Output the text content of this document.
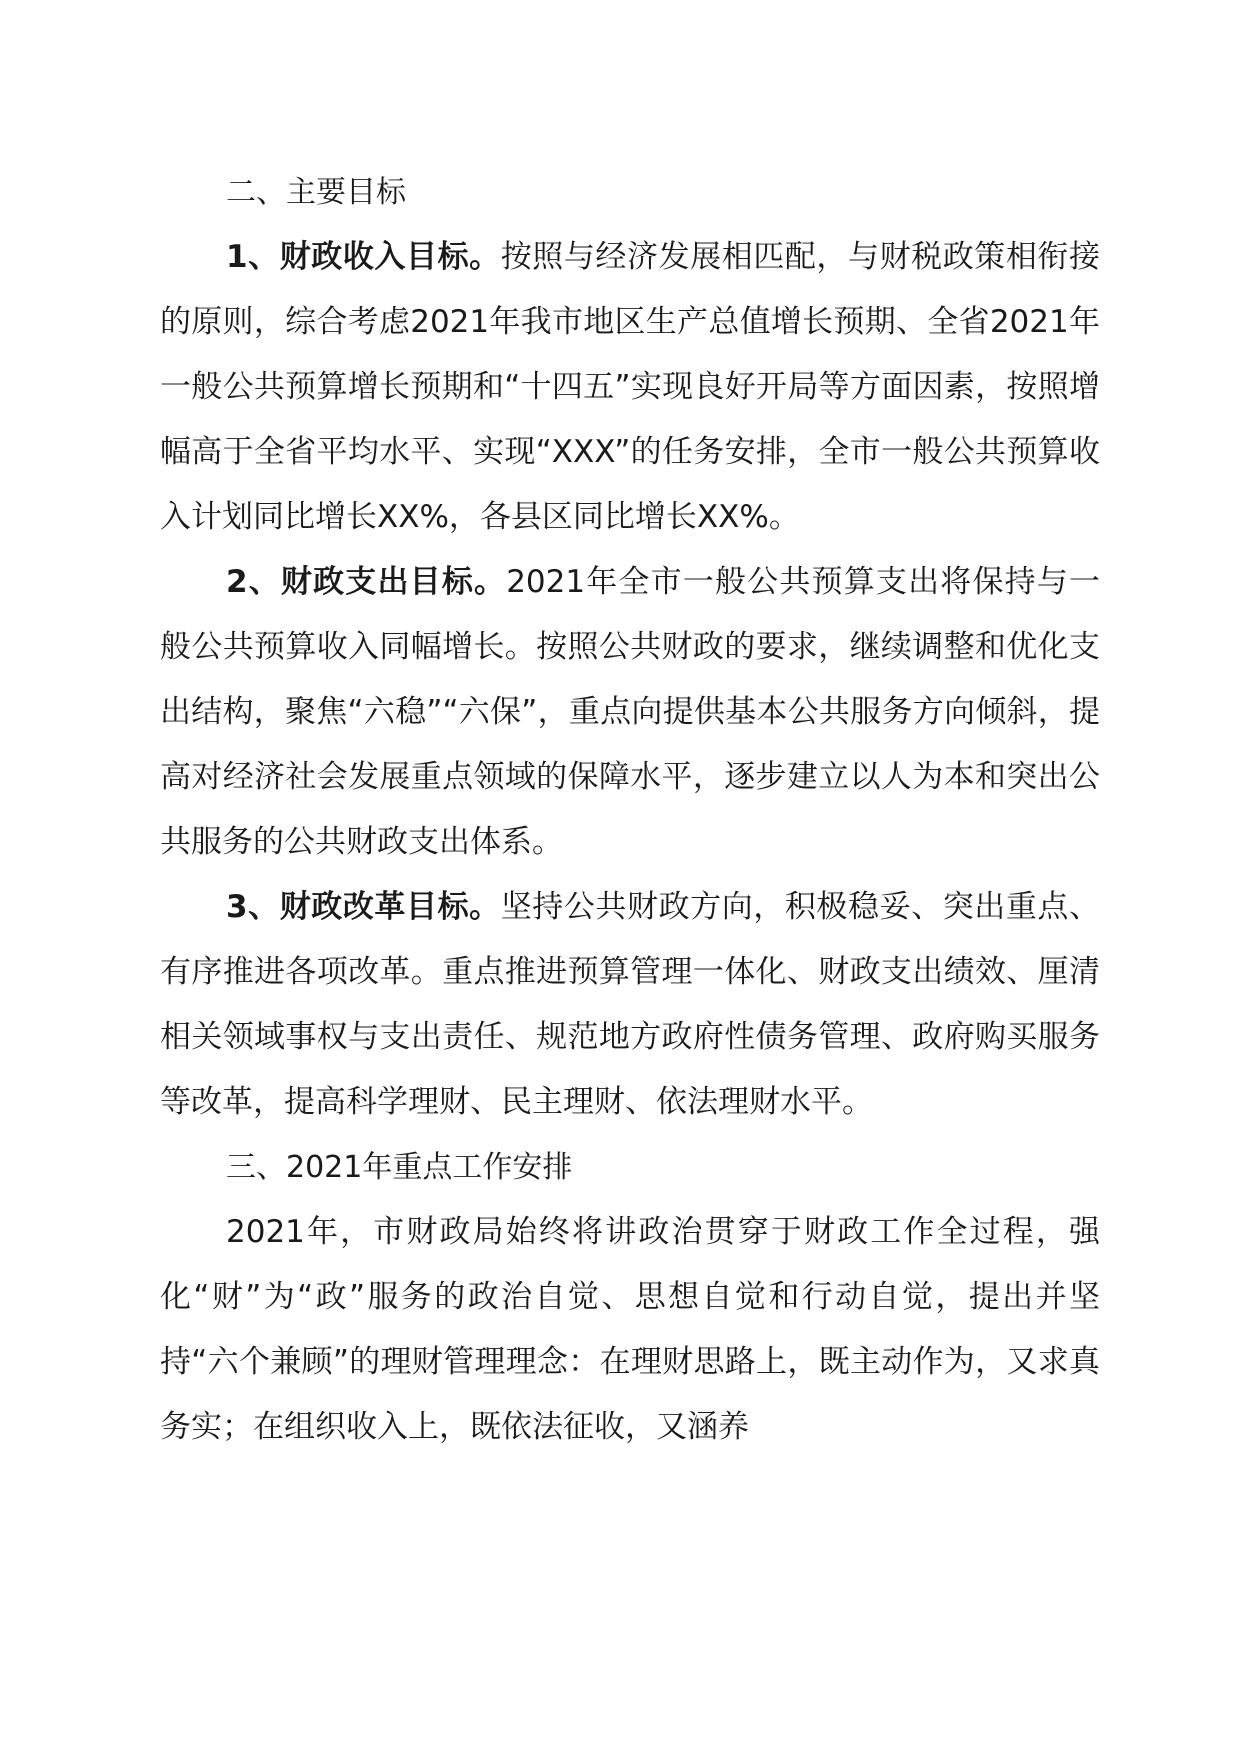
二、主要目标

1、财政收入目标。按照与经济发展相匹配，与财税政策相衔接的原则，综合考虑2021年我市地区生产总值增长预期、全省2021年一般公共预算增长预期和“十四五”实现良好开局等方面因素，按照增幅高于全省平均水平、实现“XXX”的任务安排，全市一般公共预算收入计划同比增长XX%，各县区同比增长XX%。

2、财政支出目标。2021年全市一般公共预算支出将保持与一般公共预算收入同幅增长。按照公共财政的要求，继续调整和优化支出结构，聚焦“六稳”“六保”，重点向提供基本公共服务方向倾斜，提高对经济社会发展重点领域的保障水平，逐步建立以人为本和突出公共服务的公共财政支出体系。

3、财政改革目标。坚持公共财政方向，积极稳妥、突出重点、有序推进各项改革。重点推进预算管理一体化、财政支出绩效、厘清相关领域事权与支出责任、规范地方政府性债务管理、政府购买服务等改革，提高科学理财、民主理财、依法理财水平。

三、2021年重点工作安排

2021年，市财政局始终将讲政治贯穿于财政工作全过程，强化“财”为“政”服务的政治自觉、思想自觉和行动自觉，提出并坚持“六个兼顾”的理财管理理念：在理财思路上，既主动作为，又求真务实；在组织收入上，既依法征收，又涵养
